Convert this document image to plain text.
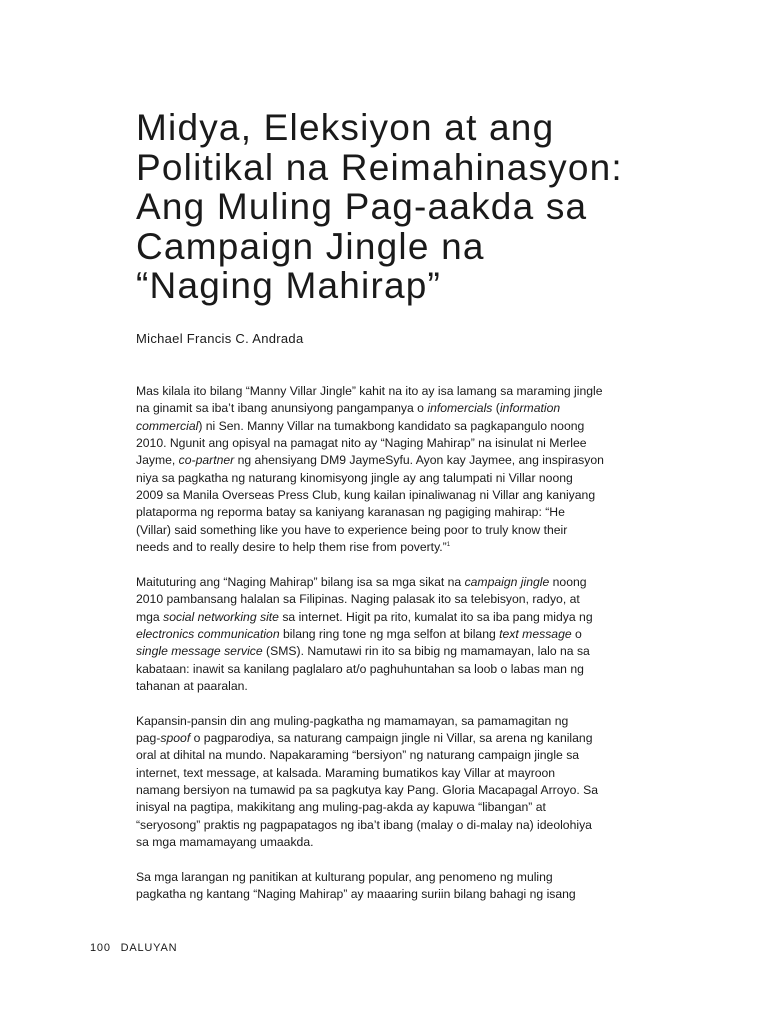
Midya, Eleksiyon at ang
Politikal na Reimahinasyon:
Ang Muling Pag-aakda sa
Campaign Jingle na
“Naging Mahirap”
Michael Francis C. Andrada

Mas kilala ito bilang “Manny Villar Jingle” kahit na ito ay isa lamang sa maraming jingle
na ginamit sa iba’t ibang anunsiyong pangampanya o infomercials (information
commercial) ni Sen. Manny Villar na tumakbong kandidato sa pagkapangulo noong
2010. Ngunit ang opisyal na pamagat nito ay “Naging Mahirap” na isinulat ni Merlee
Jayme, co-partner ng ahensiyang DM9 JaymeSyfu. Ayon kay Jaymee, ang inspirasyon
niya sa pagkatha ng naturang kinomisyong jingle ay ang talumpati ni Villar noong
2009 sa Manila Overseas Press Club, kung kailan ipinaliwanag ni Villar ang kaniyang
plataporma ng reporma batay sa kaniyang karanasan ng pagiging mahirap: “He
(Villar) said something like you have to experience being poor to truly know their
needs and to really desire to help them rise from poverty.”$^1$

Maituturing ang “Naging Mahirap” bilang isa sa mga sikat na campaign jingle noong
2010 pambansang halalan sa Filipinas. Naging palasak ito sa telebisyon, radyo, at
mga social networking site sa internet. Higit pa rito, kumalat ito sa iba pang midya ng
electronics communication bilang ring tone ng mga selfon at bilang text message o
single message service (SMS). Namutawi rin ito sa bibig ng mamamayan, lalo na sa
kabataan: inawit sa kanilang paglalaro at/o paghuhuntahan sa loob o labas man ng
tahanan at paaralan.

Kapansin-pansin din ang muling-pagkatha ng mamamayan, sa pamamagitan ng
pag-spoof o pagparodiya, sa naturang campaign jingle ni Villar, sa arena ng kanilang
oral at dihital na mundo. Napakaraming “bersiyon” ng naturang campaign jingle sa
internet, text message, at kalsada. Maraming bumatikos kay Villar at mayroon
namang bersiyon na tumawid pa sa pagkutya kay Pang. Gloria Macapagal Arroyo. Sa
inisyal na pagtipa, makikitang ang muling-pag-akda ay kapuwa “libangan” at
“seryosong” praktis ng pagpapatagos ng iba’t ibang (malay o di-malay na) ideolohiya
sa mga mamamayang umaakda.

Sa mga larangan ng panitikan at kulturang popular, ang penomeno ng muling
pagkatha ng kantang “Naging Mahirap” ay maaaring suriin bilang bahagi ng isang

100 DALUYAN
